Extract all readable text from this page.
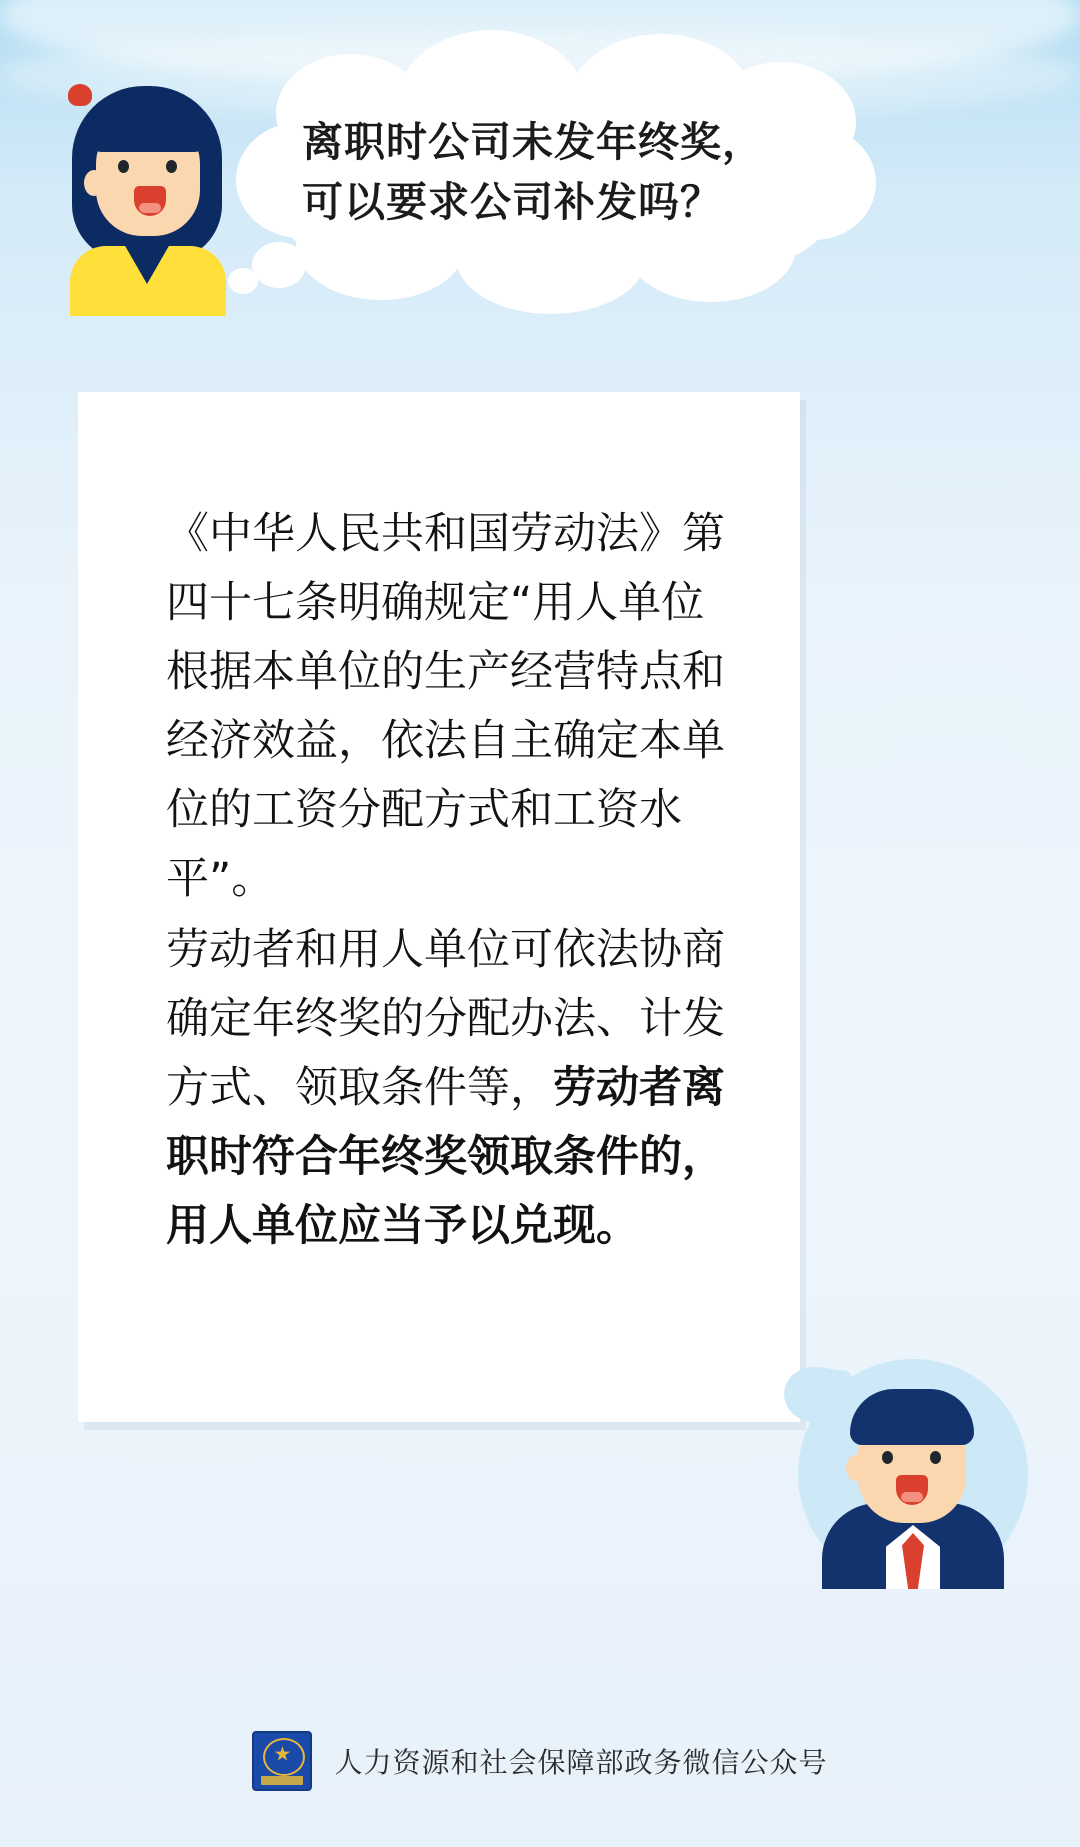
离职时公司未发年终奖，
可以要求公司补发吗？

《中华人民共和国劳动法》第四十七条明确规定“用人单位根据本单位的生产经营特点和经济效益，依法自主确定本单位的工资分配方式和工资水平”。

劳动者和用人单位可依法协商确定年终奖的分配办法、计发方式、领取条件等，劳动者离职时符合年终奖领取条件的，用人单位应当予以兑现。

人力资源和社会保障部政务微信公众号
